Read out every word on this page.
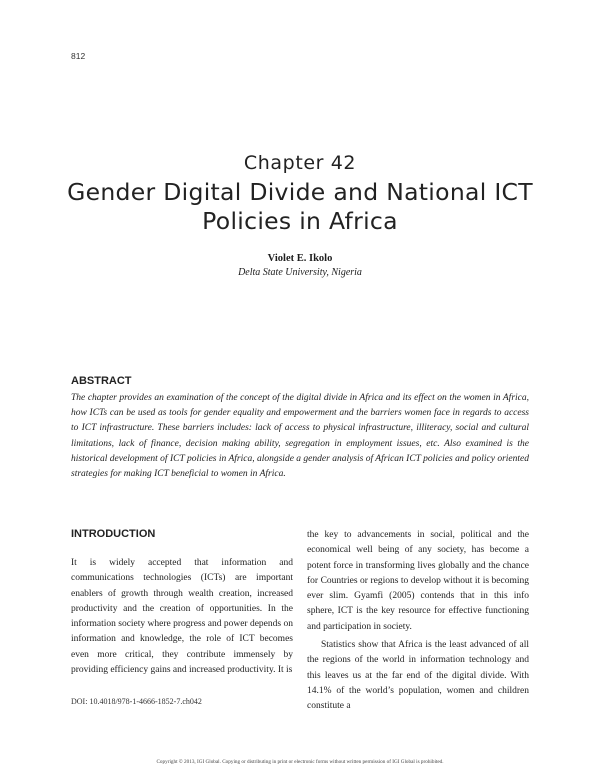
812
Chapter 42
Gender Digital Divide and National ICT Policies in Africa
Violet E. Ikolo
Delta State University, Nigeria
ABSTRACT
The chapter provides an examination of the concept of the digital divide in Africa and its effect on the women in Africa, how ICTs can be used as tools for gender equality and empowerment and the barriers women face in regards to access to ICT infrastructure. These barriers includes: lack of access to physical infrastructure, illiteracy, social and cultural limitations, lack of finance, decision making ability, segregation in employment issues, etc. Also examined is the historical development of ICT policies in Africa, alongside a gender analysis of African ICT policies and policy oriented strategies for making ICT beneficial to women in Africa.
INTRODUCTION

It is widely accepted that information and communications technologies (ICTs) are important enablers of growth through wealth creation, increased productivity and the creation of opportunities. In the information society where progress and power depends on information and knowledge, the role of ICT becomes even more critical, they contribute immensely by providing efficiency gains and increased productivity. It is

the key to advancements in social, political and the economical well being of any society, has become a potent force in transforming lives globally and the chance for Countries or regions to develop without it is becoming ever slim. Gyamfi (2005) contends that in this info sphere, ICT is the key resource for effective functioning and participation in society.

Statistics show that Africa is the least advanced of all the regions of the world in information technology and this leaves us at the far end of the digital divide. With 14.1% of the world’s population, women and children constitute a

DOI: 10.4018/978-1-4666-1852-7.ch042
Copyright © 2013, IGI Global. Copying or distributing in print or electronic forms without written permission of IGI Global is prohibited.
